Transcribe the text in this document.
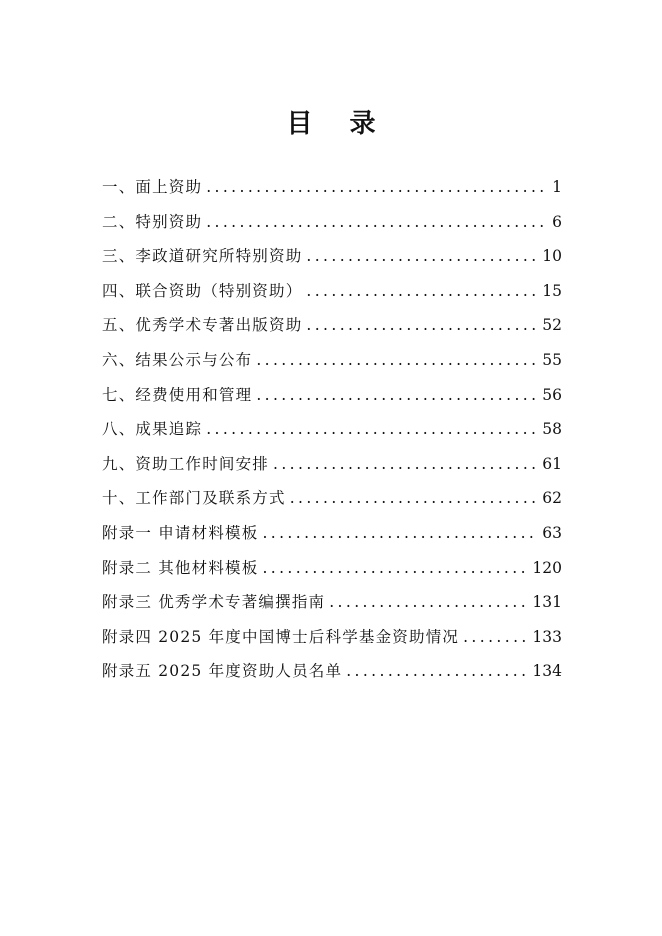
目 录
一、面上资助 .....	1
二、特别资助 .....	6
三、李政道研究所特别资助 .....	10
四、联合资助（特别资助） .....	15
五、优秀学术专著出版资助 .....	52
六、结果公示与公布 .....	55
七、经费使用和管理 .....	56
八、成果追踪 .....	58
九、资助工作时间安排 .....	61
十、工作部门及联系方式 .....	62
附录一 申请材料模板 .....	63
附录二 其他材料模板 .....	120
附录三 优秀学术专著编撰指南 .....	131
附录四 2025 年度中国博士后科学基金资助情况 .....	133
附录五 2025 年度资助人员名单 .....	134
